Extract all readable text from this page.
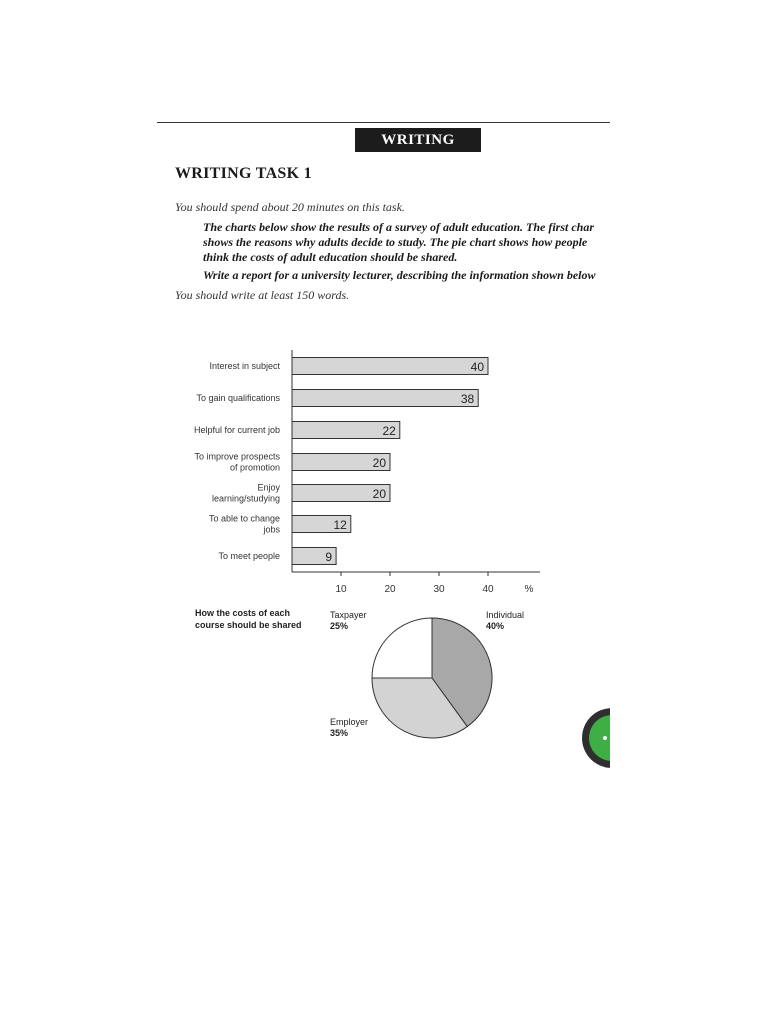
WRITING
WRITING TASK 1
You should spend about 20 minutes on this task.
The charts below show the results of a survey of adult education. The first char
shows the reasons why adults decide to study. The pie chart shows how people
think the costs of adult education should be shared.
Write a report for a university lecturer, describing the information shown below
You should write at least 150 words.
40
Interest in subject
38
To gain qualifications
22
Helpful for current job
20
To improve prospects
of promotion
20
Enjoy
learning/studying
12
To able to change
jobs
9
To meet people
10	20	30	40	%
How the costs of each
course should be shared
Individual
40%
Employer
35%
Taxpayer
25%
